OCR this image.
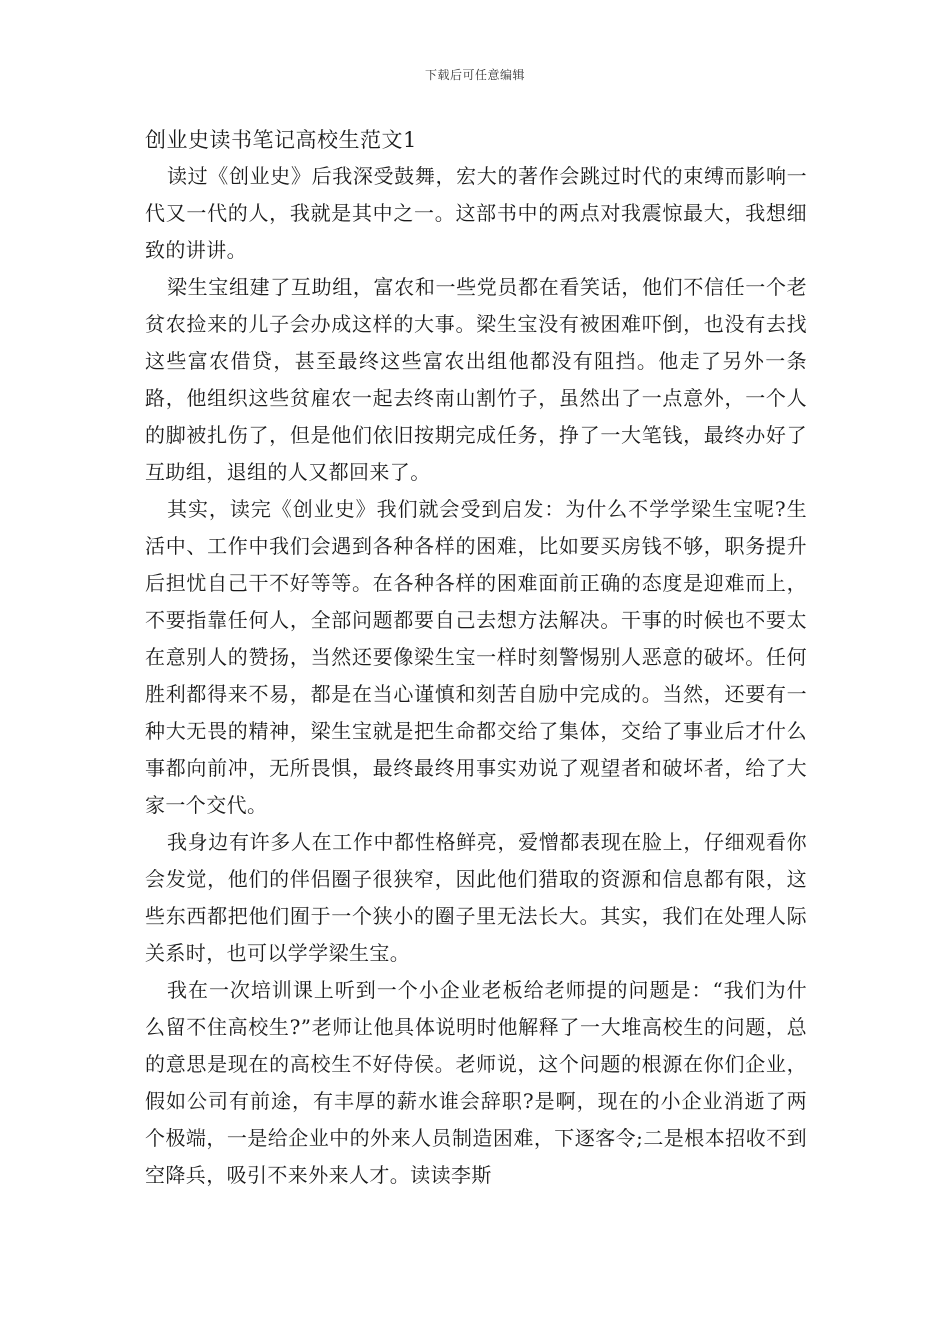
下载后可任意编辑
创业史读书笔记高校生范文1

读过《创业史》后我深受鼓舞，宏大的著作会跳过时代的束缚而影响一代又一代的人，我就是其中之一。这部书中的两点对我震惊最大，我想细致的讲讲。

梁生宝组建了互助组，富农和一些党员都在看笑话，他们不信任一个老贫农捡来的儿子会办成这样的大事。梁生宝没有被困难吓倒，也没有去找这些富农借贷，甚至最终这些富农出组他都没有阻挡。他走了另外一条路，他组织这些贫雇农一起去终南山割竹子，虽然出了一点意外，一个人的脚被扎伤了，但是他们依旧按期完成任务，挣了一大笔钱，最终办好了互助组，退组的人又都回来了。

其实，读完《创业史》我们就会受到启发：为什么不学学梁生宝呢?生活中、工作中我们会遇到各种各样的困难，比如要买房钱不够，职务提升后担忧自己干不好等等。在各种各样的困难面前正确的态度是迎难而上，不要指靠任何人，全部问题都要自己去想方法解决。干事的时候也不要太在意别人的赞扬，当然还要像梁生宝一样时刻警惕别人恶意的破坏。任何胜利都得来不易，都是在当心谨慎和刻苦自励中完成的。当然，还要有一种大无畏的精神，梁生宝就是把生命都交给了集体，交给了事业后才什么事都向前冲，无所畏惧，最终最终用事实劝说了观望者和破坏者，给了大家一个交代。

我身边有许多人在工作中都性格鲜亮，爱憎都表现在脸上，仔细观看你会发觉，他们的伴侣圈子很狭窄，因此他们猎取的资源和信息都有限，这些东西都把他们囿于一个狭小的圈子里无法长大。其实，我们在处理人际关系时，也可以学学梁生宝。

我在一次培训课上听到一个小企业老板给老师提的问题是：“我们为什么留不住高校生?”老师让他具体说明时他解释了一大堆高校生的问题，总的意思是现在的高校生不好侍侯。老师说，这个问题的根源在你们企业，假如公司有前途，有丰厚的薪水谁会辞职?是啊，现在的小企业消逝了两个极端，一是给企业中的外来人员制造困难，下逐客令;二是根本招收不到空降兵，吸引不来外来人才。读读李斯
